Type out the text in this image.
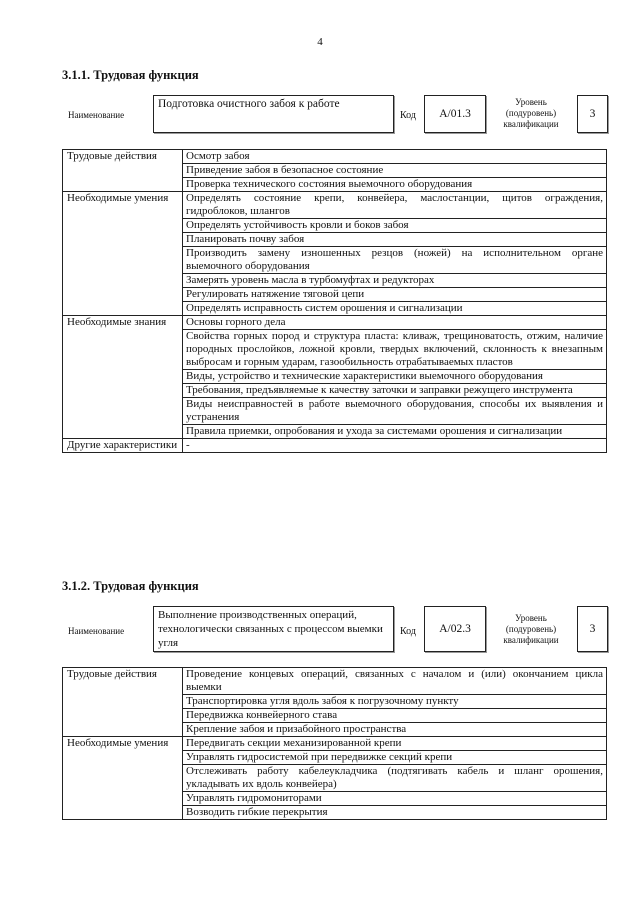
4
3.1.1. Трудовая функция
Наименование
Подготовка очистного забоя к работе
Код	A/01.3
Уровень
(подуровень)
квалификации
3
Трудовые действия	Осмотр забоя
	Приведение забоя в безопасное состояние
	Проверка технического состояния выемочного оборудования
Необходимые умения	Определять состояние крепи, конвейера, маслостанции, щитов ограждения, гидроблоков, шлангов
	Определять устойчивость кровли и боков забоя
	Планировать почву забоя
	Производить замену изношенных резцов (ножей) на исполнительном органе выемочного оборудования
	Замерять уровень масла в турбомуфтах и редукторах
	Регулировать натяжение тяговой цепи
	Определять исправность систем орошения и сигнализации
Необходимые знания	Основы горного дела
	Свойства горных пород и структура пласта: кливаж, трещиноватость, отжим, наличие породных прослойков, ложной кровли, твердых включений, склонность к внезапным выбросам и горным ударам, газообильность отрабатываемых пластов
	Виды, устройство и технические характеристики выемочного оборудования
	Требования, предъявляемые к качеству заточки и заправки режущего инструмента
	Виды неисправностей в работе выемочного оборудования, способы их выявления и устранения
	Правила приемки, опробования и ухода за системами орошения и сигнализации
Другие характеристики	-
3.1.2. Трудовая функция
Наименование
Выполнение производственных операций, технологически связанных с процессом выемки угля
Код	A/02.3
Уровень
(подуровень)
квалификации
3
Трудовые действия	Проведение концевых операций, связанных с началом и (или) окончанием цикла выемки
	Транспортировка угля вдоль забоя к погрузочному пункту
	Передвижка конвейерного става
	Крепление забоя и призабойного пространства
Необходимые умения	Передвигать секции механизированной крепи
	Управлять гидросистемой при передвижке секций крепи
	Отслеживать работу кабелеукладчика (подтягивать кабель и шланг орошения, укладывать их вдоль конвейера)
	Управлять гидромониторами
	Возводить гибкие перекрытия
